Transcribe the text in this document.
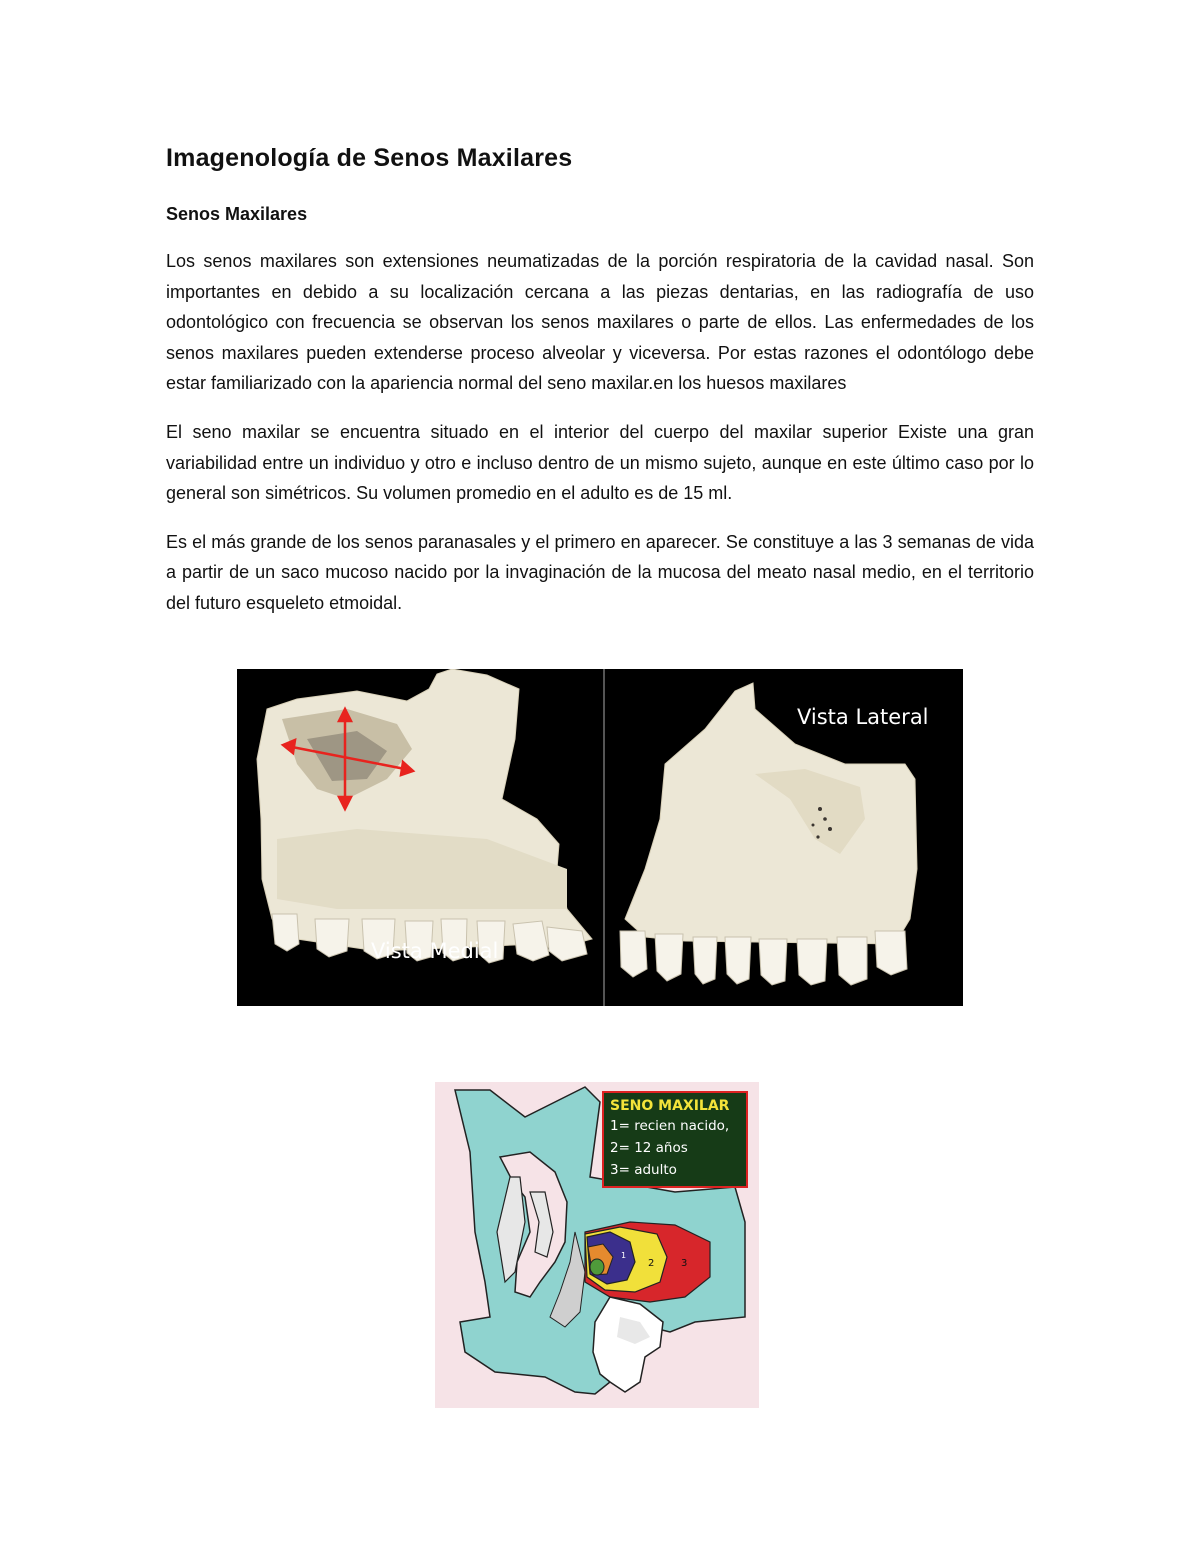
Imagenología de Senos Maxilares
Senos Maxilares

Los senos maxilares son extensiones neumatizadas de la porción respiratoria de la cavidad nasal. Son importantes en debido a su localización cercana a las piezas dentarias, en las radiografía de uso odontológico con frecuencia se observan los senos maxilares o parte de ellos. Las enfermedades de los senos maxilares pueden extenderse proceso alveolar y viceversa. Por estas razones el odontólogo debe estar familiarizado con la apariencia normal del seno maxilar.en los huesos maxilares

El seno maxilar se encuentra situado en el interior del cuerpo del maxilar superior Existe una gran variabilidad entre un individuo y otro e incluso dentro de un mismo sujeto, aunque en este último caso por lo general son simétricos. Su volumen promedio en el adulto es de 15 ml.

Es el más grande de los senos paranasales y el primero en aparecer. Se constituye a las 3 semanas de vida a partir de un saco mucoso nacido por la invaginación de la mucosa del meato nasal medio, en el territorio del futuro esqueleto etmoidal.

Vista Medial
Vista Lateral
2	3
1
SENO MAXILAR
1= recien nacido,
2= 12 años
3= adulto
